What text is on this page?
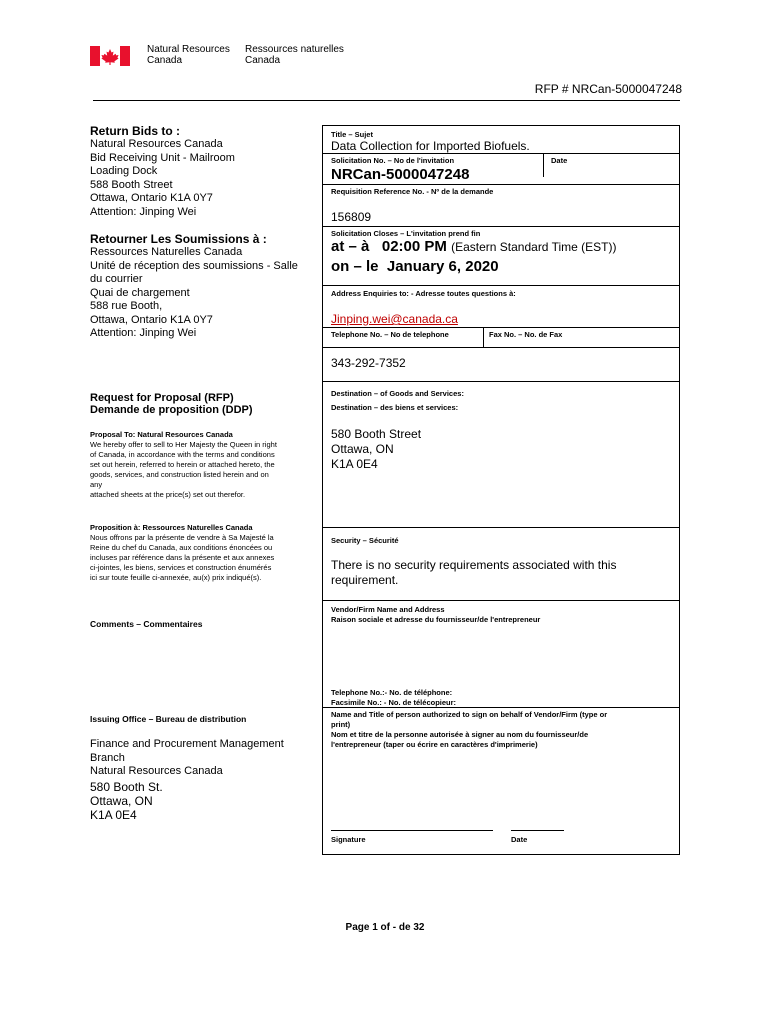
Natural Resources
Canada
Ressources naturelles
Canada
RFP # NRCan-5000047248
Return Bids to :
Natural Resources Canada
Bid Receiving Unit - Mailroom
Loading Dock
588 Booth Street
Ottawa, Ontario K1A 0Y7
Attention: Jinping Wei
Retourner Les Soumissions à :
Ressources Naturelles Canada
Unité de réception des soumissions - Salle
du courrier
Quai de chargement
588 rue Booth,
Ottawa, Ontario K1A 0Y7
Attention: Jinping Wei
Request for Proposal (RFP)
Demande de proposition (DDP)
Proposal To: Natural Resources Canada
We hereby offer to sell to Her Majesty the Queen in right
of Canada, in accordance with the terms and conditions
set out herein, referred to herein or attached hereto, the
goods, services, and construction listed herein and on
any
attached sheets at the price(s) set out therefor.
Proposition à: Ressources Naturelles Canada
Nous offrons par la présente de vendre à Sa Majesté la
Reine du chef du Canada, aux conditions énoncées ou
incluses par référence dans la présente et aux annexes
ci-jointes, les biens, services et construction énumérés
ici sur toute feuille ci-annexée, au(x) prix indiqué(s).
Comments – Commentaires
Issuing Office – Bureau de distribution
Finance and Procurement Management
Branch
Natural Resources Canada
580 Booth St.
Ottawa, ON
K1A 0E4
Title – Sujet
Data Collection for Imported Biofuels.
Solicitation No. – No de l'invitation	Date
NRCan-5000047248
Requisition Reference No. - Nº de la demande
156809
Solicitation Closes – L'invitation prend fin
at – à 02:00 PM (Eastern Standard Time (EST))
on – le January 6, 2020
Address Enquiries to: - Adresse toutes questions à:
Jinping.wei@canada.ca
Telephone No. – No de telephone	Fax No. – No. de Fax
343-292-7352
Destination – of Goods and Services:
Destination – des biens et services:
580 Booth Street
Ottawa, ON
K1A 0E4
Security – Sécurité
There is no security requirements associated with this
requirement.
Vendor/Firm Name and Address
Raison sociale et adresse du fournisseur/de l'entrepreneur
Telephone No.:- No. de téléphone:
Facsimile No.: - No. de télécopieur:
Name and Title of person authorized to sign on behalf of Vendor/Firm (type or
print)
Nom et titre de la personne autorisée à signer au nom du fournisseur/de
l'entrepreneur (taper ou écrire en caractères d'imprimerie)
Signature	Date
Page 1 of - de 32
